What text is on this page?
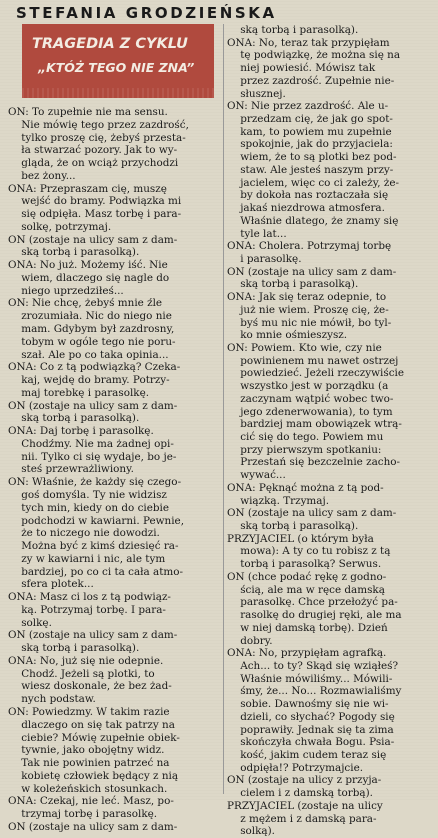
STEFANIA GRODZIEŃSKA
TRAGEDIA Z CYKLU
„KTÓŻ TEGO NIE ZNA”
ON: To zupełnie nie ma sensu.
Nie mówię tego przez zazdrość,
tylko proszę cię, żebyś przesta-
ła stwarzać pozory. Jak to wy-
gląda, że on wciąż przychodzi
bez żony...
ONA: Przepraszam cię, muszę
wejść do bramy. Podwiązka mi
się odpięła. Masz torbę i para-
solkę, potrzymaj.
ON (zostaje na ulicy sam z dam-
ską torbą i parasolką).
ONA: No już. Możemy iść. Nie
wiem, dlaczego się nagle do
niego uprzedziłeś...
ON: Nie chcę, żebyś mnie źle
zrozumiała. Nic do niego nie
mam. Gdybym był zazdrosny,
tobym w ogóle tego nie poru-
szał. Ale po co taka opinia...
ONA: Co z tą podwiązką? Czeka-
kaj, wejdę do bramy. Potrzy-
maj torebkę i parasolkę.
ON (zostaje na ulicy sam z dam-
ską torbą i parasolką).
ONA: Daj torbę i parasolkę.
Chodźmy. Nie ma żadnej opi-
nii. Tylko ci się wydaje, bo je-
steś przewrażliwiony.
ON: Właśnie, że każdy się czego-
goś domyśla. Ty nie widzisz
tych min, kiedy on do ciebie
podchodzi w kawiarni. Pewnie,
że to niczego nie dowodzi.
Można być z kimś dziesięć ra-
zy w kawiarni i nic, ale tym
bardziej, po co ci ta cała atmo-
sfera plotek...
ONA: Masz ci los z tą podwiąz-
ką. Potrzymaj torbę. I para-
solkę.
ON (zostaje na ulicy sam z dam-
ską torbą i parasolką).
ONA: No, już się nie odepnie.
Chodź. Jeżeli są plotki, to
wiesz doskonale, że bez żad-
nych podstaw.
ON: Powiedzmy. W takim razie
dlaczego on się tak patrzy na
ciebie? Mówię zupełnie obiek-
tywnie, jako obojętny widz.
Tak nie powinien patrzeć na
kobietę człowiek będący z nią
w koleżeńskich stosunkach.
ONA: Czekaj, nie leć. Masz, po-
trzymaj torbę i parasolkę.
ON (zostaje na ulicy sam z dam-
ską torbą i parasolką).
ONA: No, teraz tak przypięłam
tę podwiązkę, że można się na
niej powiesić. Mówisz tak
przez zazdrość. Zupełnie nie-
słusznej.
ON: Nie przez zazdrość. Ale u-
przedzam cię, że jak go spot-
kam, to powiem mu zupełnie
spokojnie, jak do przyjaciela:
wiem, że to są plotki bez pod-
staw. Ale jesteś naszym przy-
jacielem, więc co ci zależy, że-
by dokoła nas roztaczała się
jakaś niezdrowa atmosfera.
Właśnie dlatego, że znamy się
tyle lat...
ONA: Cholera. Potrzymaj torbę
i parasolkę.
ON (zostaje na ulicy sam z dam-
ską torbą i parasolką).
ONA: Jak się teraz odepnie, to
już nie wiem. Proszę cię, że-
byś mu nic nie mówił, bo tyl-
ko mnie ośmieszysz.
ON: Powiem. Kto wie, czy nie
powinienem mu nawet ostrzej
powiedzieć. Jeżeli rzeczywiście
wszystko jest w porządku (a
zaczynam wątpić wobec two-
jego zdenerwowania), to tym
bardziej mam obowiązek wtrą-
cić się do tego. Powiem mu
przy pierwszym spotkaniu:
Przestań się bezczelnie zacho-
wywać...
ONA: Pęknąć można z tą pod-
wiązką. Trzymaj.
ON (zostaje na ulicy sam z dam-
ską torbą i parasolką).
PRZYJACIEL (o którym była
mowa): A ty co tu robisz z tą
torbą i parasolką? Serwus.
ON (chce podać rękę z godno-
ścią, ale ma w ręce damską
parasolkę. Chce przełożyć pa-
rasolkę do drugiej ręki, ale ma
w niej damską torbę). Dzień
dobry.
ONA: No, przypięłam agrafką.
Ach... to ty? Skąd się wziąłeś?
Właśnie mówiliśmy... Mówili-
śmy, że... No... Rozmawialiśmy
sobie. Dawnośmy się nie wi-
dzieli, co słychać? Pogody się
poprawiły. Jednak się ta zima
skończyła chwała Bogu. Psia-
kość, jakim cudem teraz się
odpięła!? Potrzymajcie.
ON (zostaje na ulicy z przyja-
cielem i z damską torbą).
PRZYJACIEL (zostaje na ulicy
z mężem i z damską para-
solką).
